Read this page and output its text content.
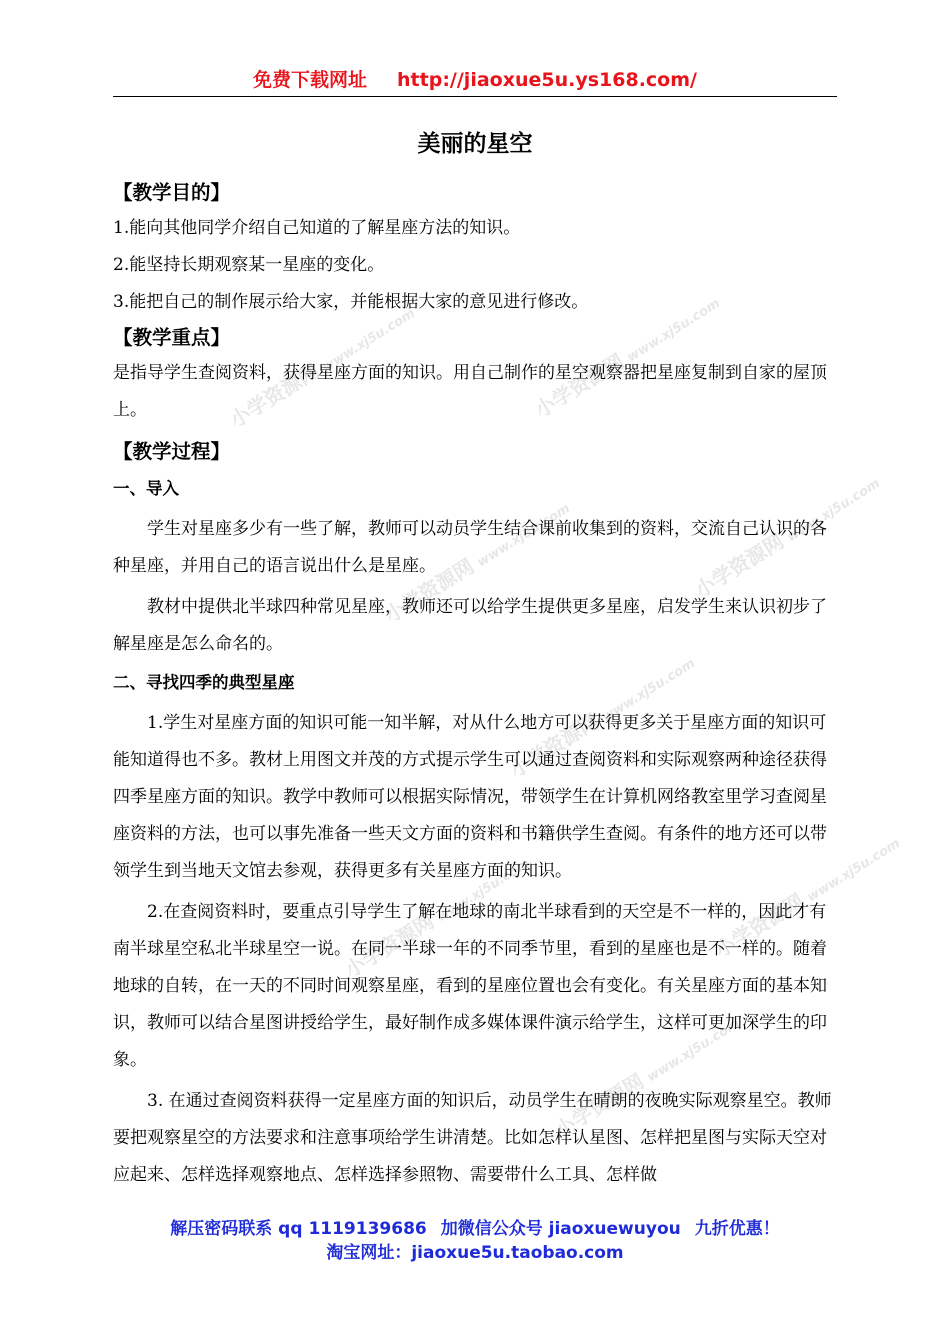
小学资源网www.xj5u.com
小学资源网www.xj5u.com
小学资源网www.xj5u.com
小学资源网www.xj5u.com
小学资源网www.xj5u.com
小学资源网www.xj5u.com
小学资源网www.xj5u.com
小学资源网www.xj5u.com
免费下载网址 http://jiaoxue5u.ys168.com/
美丽的星空

【教学目的】

1.能向其他同学介绍自己知道的了解星座方法的知识。

2.能坚持长期观察某一星座的变化。

3.能把自己的制作展示给大家，并能根据大家的意见进行修改。

【教学重点】

是指导学生查阅资料，获得星座方面的知识。用自己制作的星空观察器把星座复制到自家的屋顶上。

【教学过程】

一、导入

学生对星座多少有一些了解，教师可以动员学生结合课前收集到的资料，交流自己认识的各种星座，并用自己的语言说出什么是星座。

教材中提供北半球四种常见星座，教师还可以给学生提供更多星座，启发学生来认识初步了解星座是怎么命名的。

二、寻找四季的典型星座

1.学生对星座方面的知识可能一知半解，对从什么地方可以获得更多关于星座方面的知识可能知道得也不多。教材上用图文并茂的方式提示学生可以通过查阅资料和实际观察两种途径获得四季星座方面的知识。教学中教师可以根据实际情况，带领学生在计算机网络教室里学习查阅星座资料的方法，也可以事先准备一些天文方面的资料和书籍供学生查阅。有条件的地方还可以带领学生到当地天文馆去参观，获得更多有关星座方面的知识。

2.在查阅资料时，要重点引导学生了解在地球的南北半球看到的天空是不一样的，因此才有南半球星空私北半球星空一说。在同一半球一年的不同季节里，看到的星座也是不一样的。随着地球的自转，在一天的不同时间观察星座，看到的星座位置也会有变化。有关星座方面的基本知识，教师可以结合星图讲授给学生，最好制作成多媒体课件演示给学生，这样可更加深学生的印象。

3. 在通过查阅资料获得一定星座方面的知识后，动员学生在晴朗的夜晚实际观察星空。教师要把观察星空的方法要求和注意事项给学生讲清楚。比如怎样认星图、怎样把星图与实际天空对应起来、怎样选择观察地点、怎样选择参照物、需要带什么工具、怎样做

解压密码联系 qq 1119139686 加微信公众号 jiaoxuewuyou 九折优惠！
淘宝网址：jiaoxue5u.taobao.com
